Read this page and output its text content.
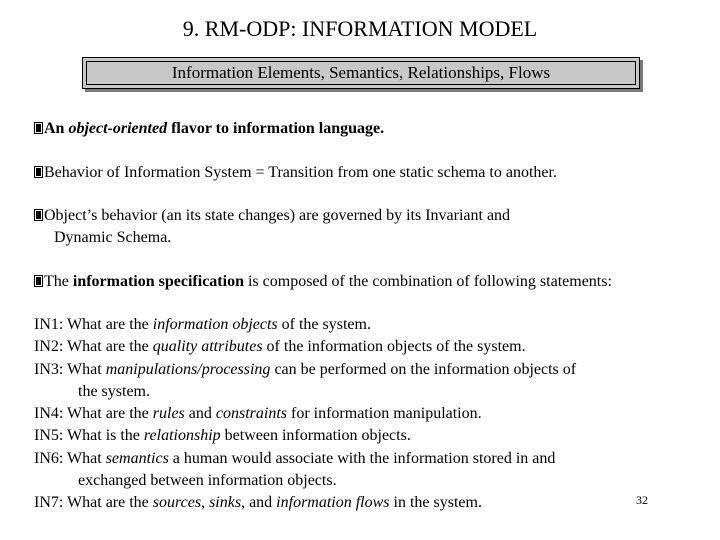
9. RM-ODP: INFORMATION MODEL
Information Elements, Semantics, Relationships, Flows
An object-oriented flavor to information language.
Behavior of Information System = Transition from one static schema to another.
Object’s behavior (an its state changes) are governed by its Invariant and
Dynamic Schema.
The information specification is composed of the combination of following statements:
IN1: What are the information objects of the system.
IN2: What are the quality attributes of the information objects of the system.
IN3: What manipulations/processing can be performed on the information objects of
the system.
IN4: What are the rules and constraints for information manipulation.
IN5: What is the relationship between information objects.
IN6: What semantics a human would associate with the information stored in and
exchanged between information objects.
IN7: What are the sources, sinks, and information flows in the system.	32
